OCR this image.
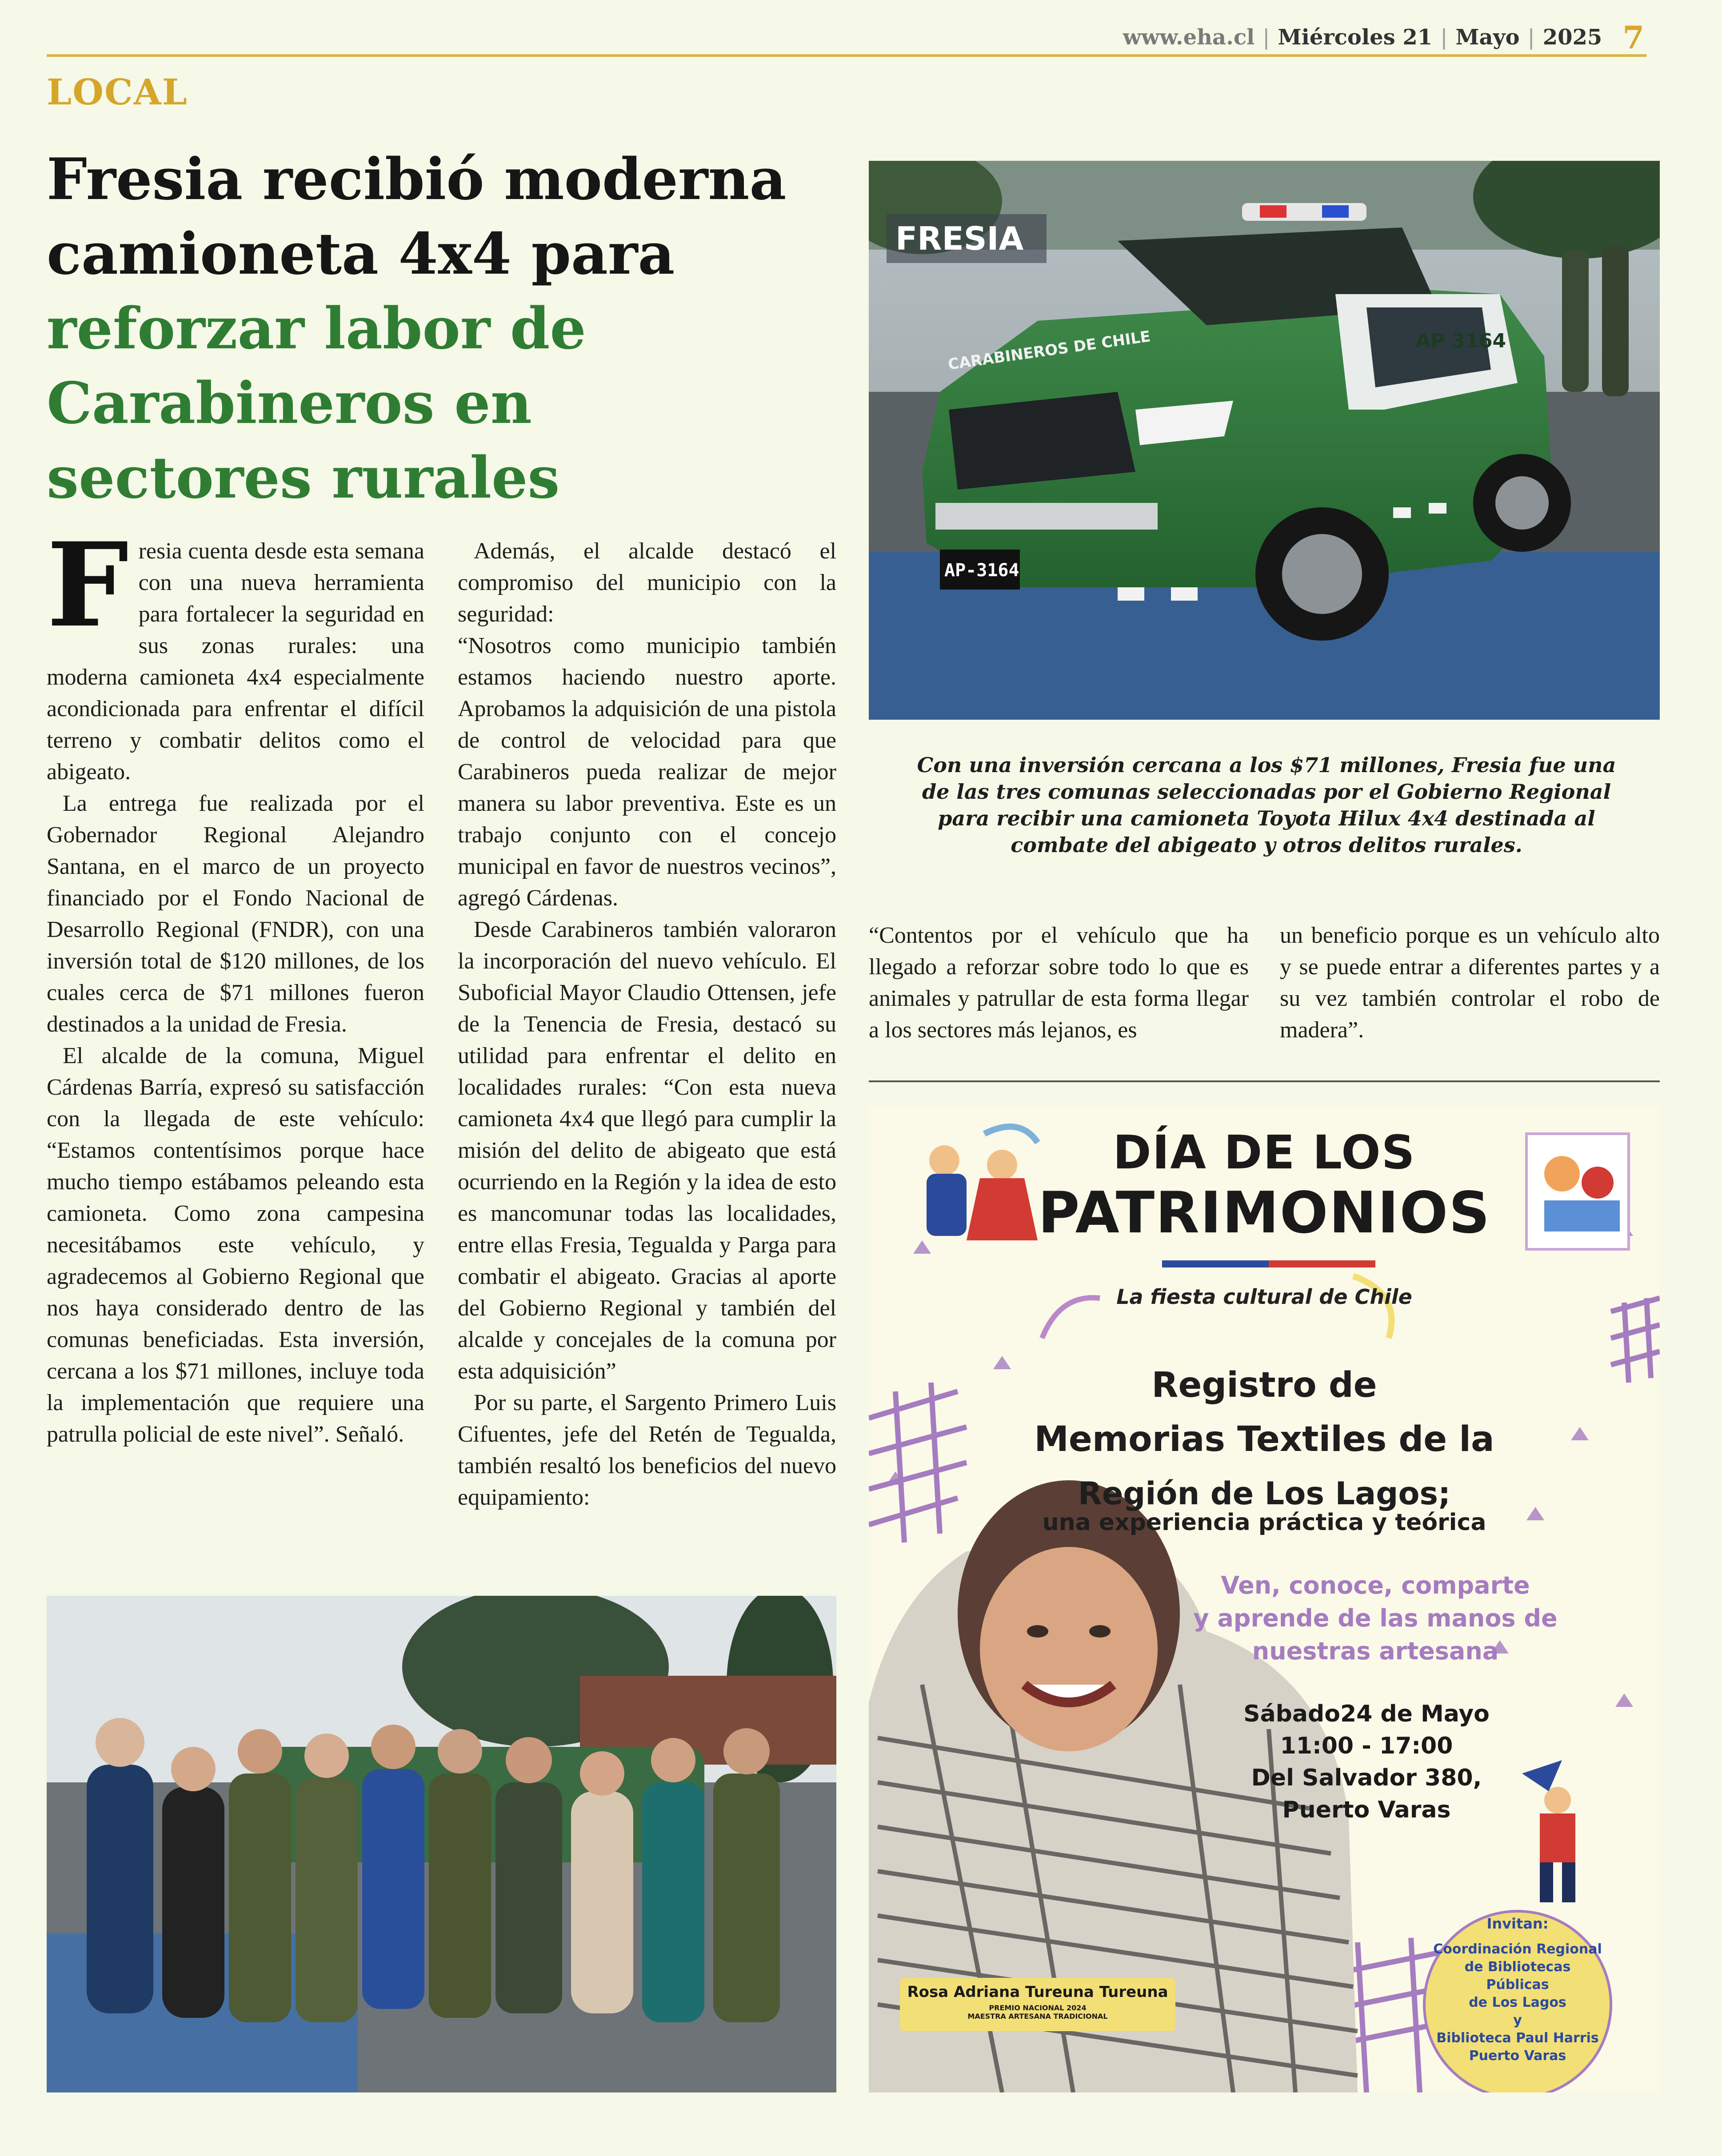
www.eha.cl | Miércoles 21 | Mayo | 2025 7
LOCAL
Fresia recibió moderna
camioneta 4x4 para
reforzar labor de
Carabineros en
sectores rurales

Fresia cuenta desde esta semana con una nueva herramienta para fortalecer la seguridad en sus zonas rurales: una moderna camioneta 4x4 especialmente acondicionada para enfrentar el difícil terreno y combatir delitos como el abigeato.

La entrega fue realizada por el Gobernador Regional Alejandro Santana, en el marco de un proyecto financiado por el Fondo Nacional de Desarrollo Regional (FNDR), con una inversión total de $120 millones, de los cuales cerca de $71 millones fueron destinados a la unidad de Fresia.

El alcalde de la comuna, Miguel Cárdenas Barría, expresó su satisfacción con la llegada de este vehículo: “Estamos contentísimos porque hace mucho tiempo estábamos peleando esta camioneta. Como zona campesina necesitábamos este vehículo, y agradecemos al Gobierno Regional que nos haya considerado dentro de las comunas beneficiadas. Esta inversión, cercana a los $71 millones, incluye toda la implementación que requiere una patrulla policial de este nivel”. Señaló.

Además, el alcalde destacó el compromiso del municipio con la seguridad:

“Nosotros como municipio también estamos haciendo nuestro aporte. Aprobamos la adquisición de una pistola de control de velocidad para que Carabineros pueda realizar de mejor manera su labor preventiva. Este es un trabajo conjunto con el concejo municipal en favor de nuestros vecinos”, agregó Cárdenas.

Desde Carabineros también valoraron la incorporación del nuevo vehículo. El Suboficial Mayor Claudio Ottensen, jefe de la Tenencia de Fresia, destacó su utilidad para enfrentar el delito en localidades rurales: “Con esta nueva camioneta 4x4 que llegó para cumplir la misión del delito de abigeato que está ocurriendo en la Región y la idea de esto es mancomunar todas las localidades, entre ellas Fresia, Tegualda y Parga para combatir el abigeato. Gracias al aporte del Gobierno Regional y también del alcalde y concejales de la comuna por esta adquisición”

Por su parte, el Sargento Primero Luis Cifuentes, jefe del Retén de Tegualda, también resaltó los beneficios del nuevo equipamiento:

FRESIA
CARABINEROS DE CHILE	AP 3164
AP-3164
Con una inversión cercana a los $71 millones, Fresia fue una de las tres comunas seleccionadas por el Gobierno Regional para recibir una camioneta Toyota Hilux 4x4 destinada al combate del abigeato y otros delitos rurales.

“Contentos por el vehículo que ha llegado a reforzar sobre todo lo que es animales y patrullar de esta forma llegar a los sectores más lejanos, es

un beneficio porque es un vehículo alto y se puede entrar a diferentes partes y a su vez también controlar el robo de madera”.

DÍA DE LOS
PATRIMONIOS
La fiesta cultural de Chile
Registro de
Memorias Textiles de la
Región de Los Lagos;
una experiencia práctica y teórica
Ven, conoce, comparte
y aprende de las manos de
nuestras artesana
Sábado24 de Mayo
11:00 - 17:00
Del Salvador 380,
Puerto Varas
Rosa Adriana Tureuna Tureuna
PREMIO NACIONAL 2024
MAESTRA ARTESANA TRADICIONAL
Invitan:
Coordinación Regional
de Bibliotecas Públicas
de Los Lagos
y
Biblioteca Paul Harris
Puerto Varas
